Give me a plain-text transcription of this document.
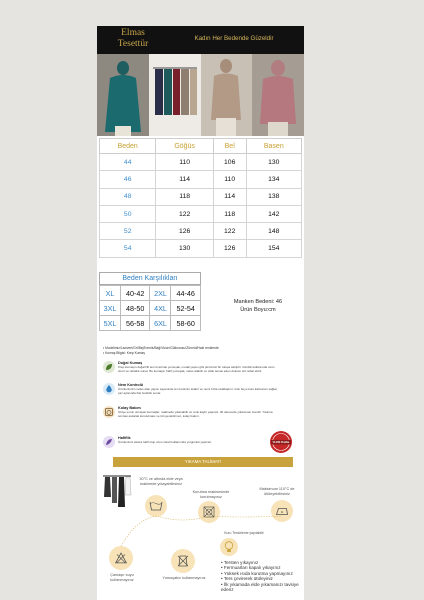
Elmas
Tesettür
Kadın Her Bedende Güzeldir
Beden	Göğüs	Bel	Basen
44	110	106	130
46	114	110	134
48	118	114	138
50	122	118	142
52	126	122	148
54	130	126	154
Beden Karşılıkları
XL	40-42	2XL	44-46
3XL	48-50	4XL	52-54
5XL	56-58	6XL	58-60
Manken Bedeni: 46
Ürün Boyu:cm
• Modelimiz/Lacivert/Gri/Bej/Kemik/Bağ/Vizon/Gülkurusu/Zümrüt/Haki renklerde
• Kumaş Bilgisi: Krep Kumaş
Doğal Kumaş
Krep kumaşın doğal lifli teni üzerinde yumuşak, modal yapısı gibi pürüzsüz bir tutuşa sahiptir. Günlük kullanımda uzun ömür ve rahatlık sunar. Bu kumaşın hafif yumuşak, nefes alabilir ve cilde temas eden dokusu sizi rahat ettirir.
Nem Kontrolü
Ürünlerimizin nefes alan yapısı sayesinde ter üretimini azaltır ve nemi hızla uzaklaştırır. Gün boyu kuru kalmanızı sağlar, yaz aylarında bile ferahlık sunar.
Kolay Bakım
Ütüye sorun olmayan kumaşlar, makinede yıkanabilir ve renk kaybı yapmaz. 30 derecede yıkanması önerilir. Yıkama sonrası asılarak kurutulması ve ütü gerektirmez, kolay bakım.
Hafiflik
Ürünlerimiz ekstra hafif olup uzun süreli kullanımda yorgunluk yapmaz.	%100 Kalite
YIKAMA TALİMATI
30°C ve altında elde veya makinede yıkayabilirsiniz
Kurutma makinesinde kurutmayınız
Maksimum 110°C de ütüleyebilirsiniz
Kuru Temizleme yapılabilir
Çamaşır suyu kullanmayınız	Yumuşatıcı kullanmayınız
• Tersten yıkayınız
• Fermuarları kapalı yıkayınız
• Yüksek ısıda kurutma yapmayınız
• Ters çevirerek ütüleyiniz
• İlk yıkamada elde yıkamanızı tavsiye ederiz
